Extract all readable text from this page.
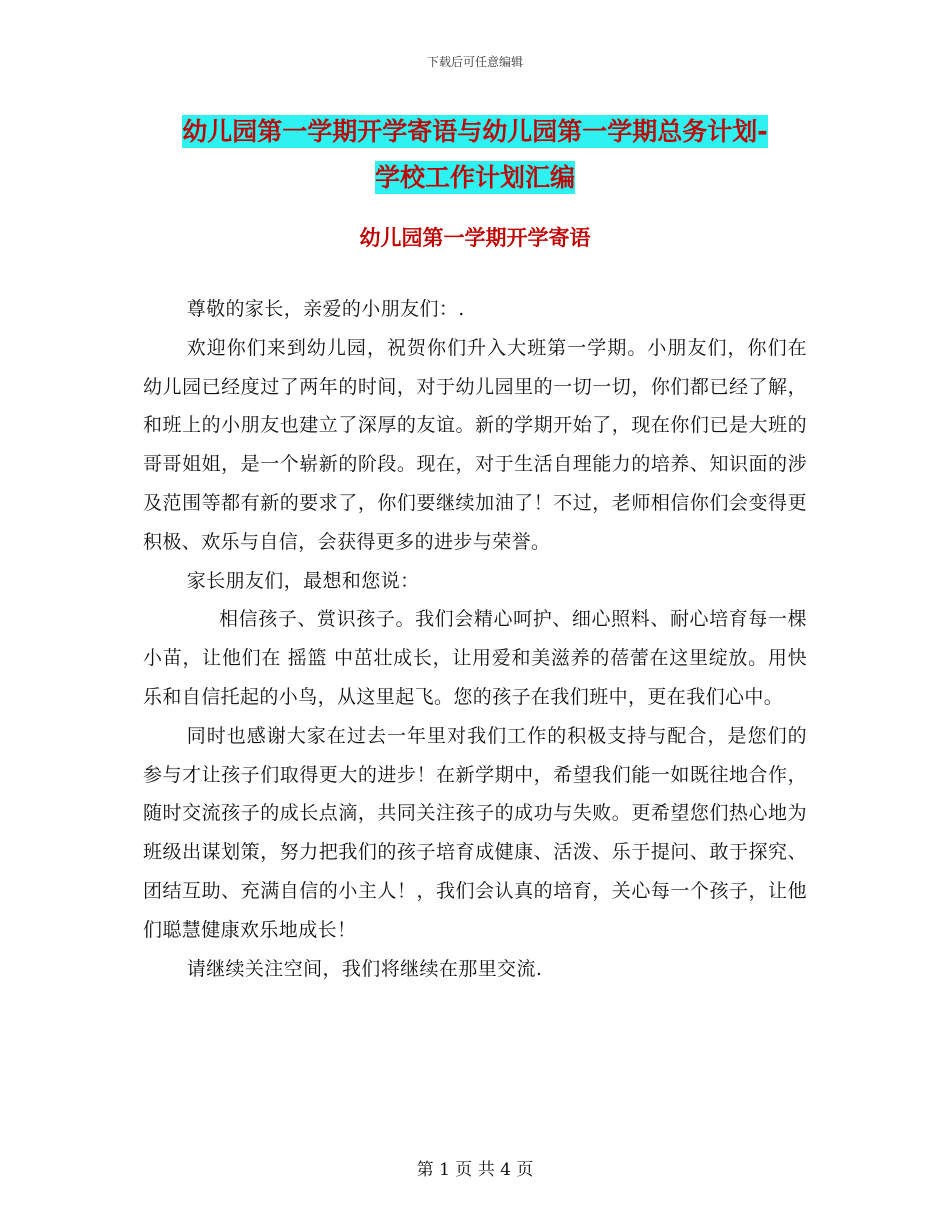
下载后可任意编辑
幼儿园第一学期开学寄语与幼儿园第一学期总务计划-
学校工作计划汇编
幼儿园第一学期开学寄语

尊敬的家长，亲爱的小朋友们：.

欢迎你们来到幼儿园，祝贺你们升入大班第一学期。小朋友们，你们在幼儿园已经度过了两年的时间，对于幼儿园里的一切一切，你们都已经了解，和班上的小朋友也建立了深厚的友谊。新的学期开始了，现在你们已是大班的哥哥姐姐，是一个崭新的阶段。现在，对于生活自理能力的培养、知识面的涉及范围等都有新的要求了，你们要继续加油了！不过，老师相信你们会变得更积极、欢乐与自信，会获得更多的进步与荣誉。

家长朋友们，最想和您说：

相信孩子、赏识孩子。我们会精心呵护、细心照料、耐心培育每一棵小苗，让他们在 摇篮 中茁壮成长，让用爱和美滋养的蓓蕾在这里绽放。用快乐和自信托起的小鸟，从这里起飞。您的孩子在我们班中，更在我们心中。

同时也感谢大家在过去一年里对我们工作的积极支持与配合，是您们的参与才让孩子们取得更大的进步！在新学期中，希望我们能一如既往地合作，随时交流孩子的成长点滴，共同关注孩子的成功与失败。更希望您们热心地为班级出谋划策，努力把我们的孩子培育成健康、活泼、乐于提问、敢于探究、团结互助、充满自信的小主人！，我们会认真的培育，关心每一个孩子，让他们聪慧健康欢乐地成长！

请继续关注空间，我们将继续在那里交流.

第 1 页 共 4 页
